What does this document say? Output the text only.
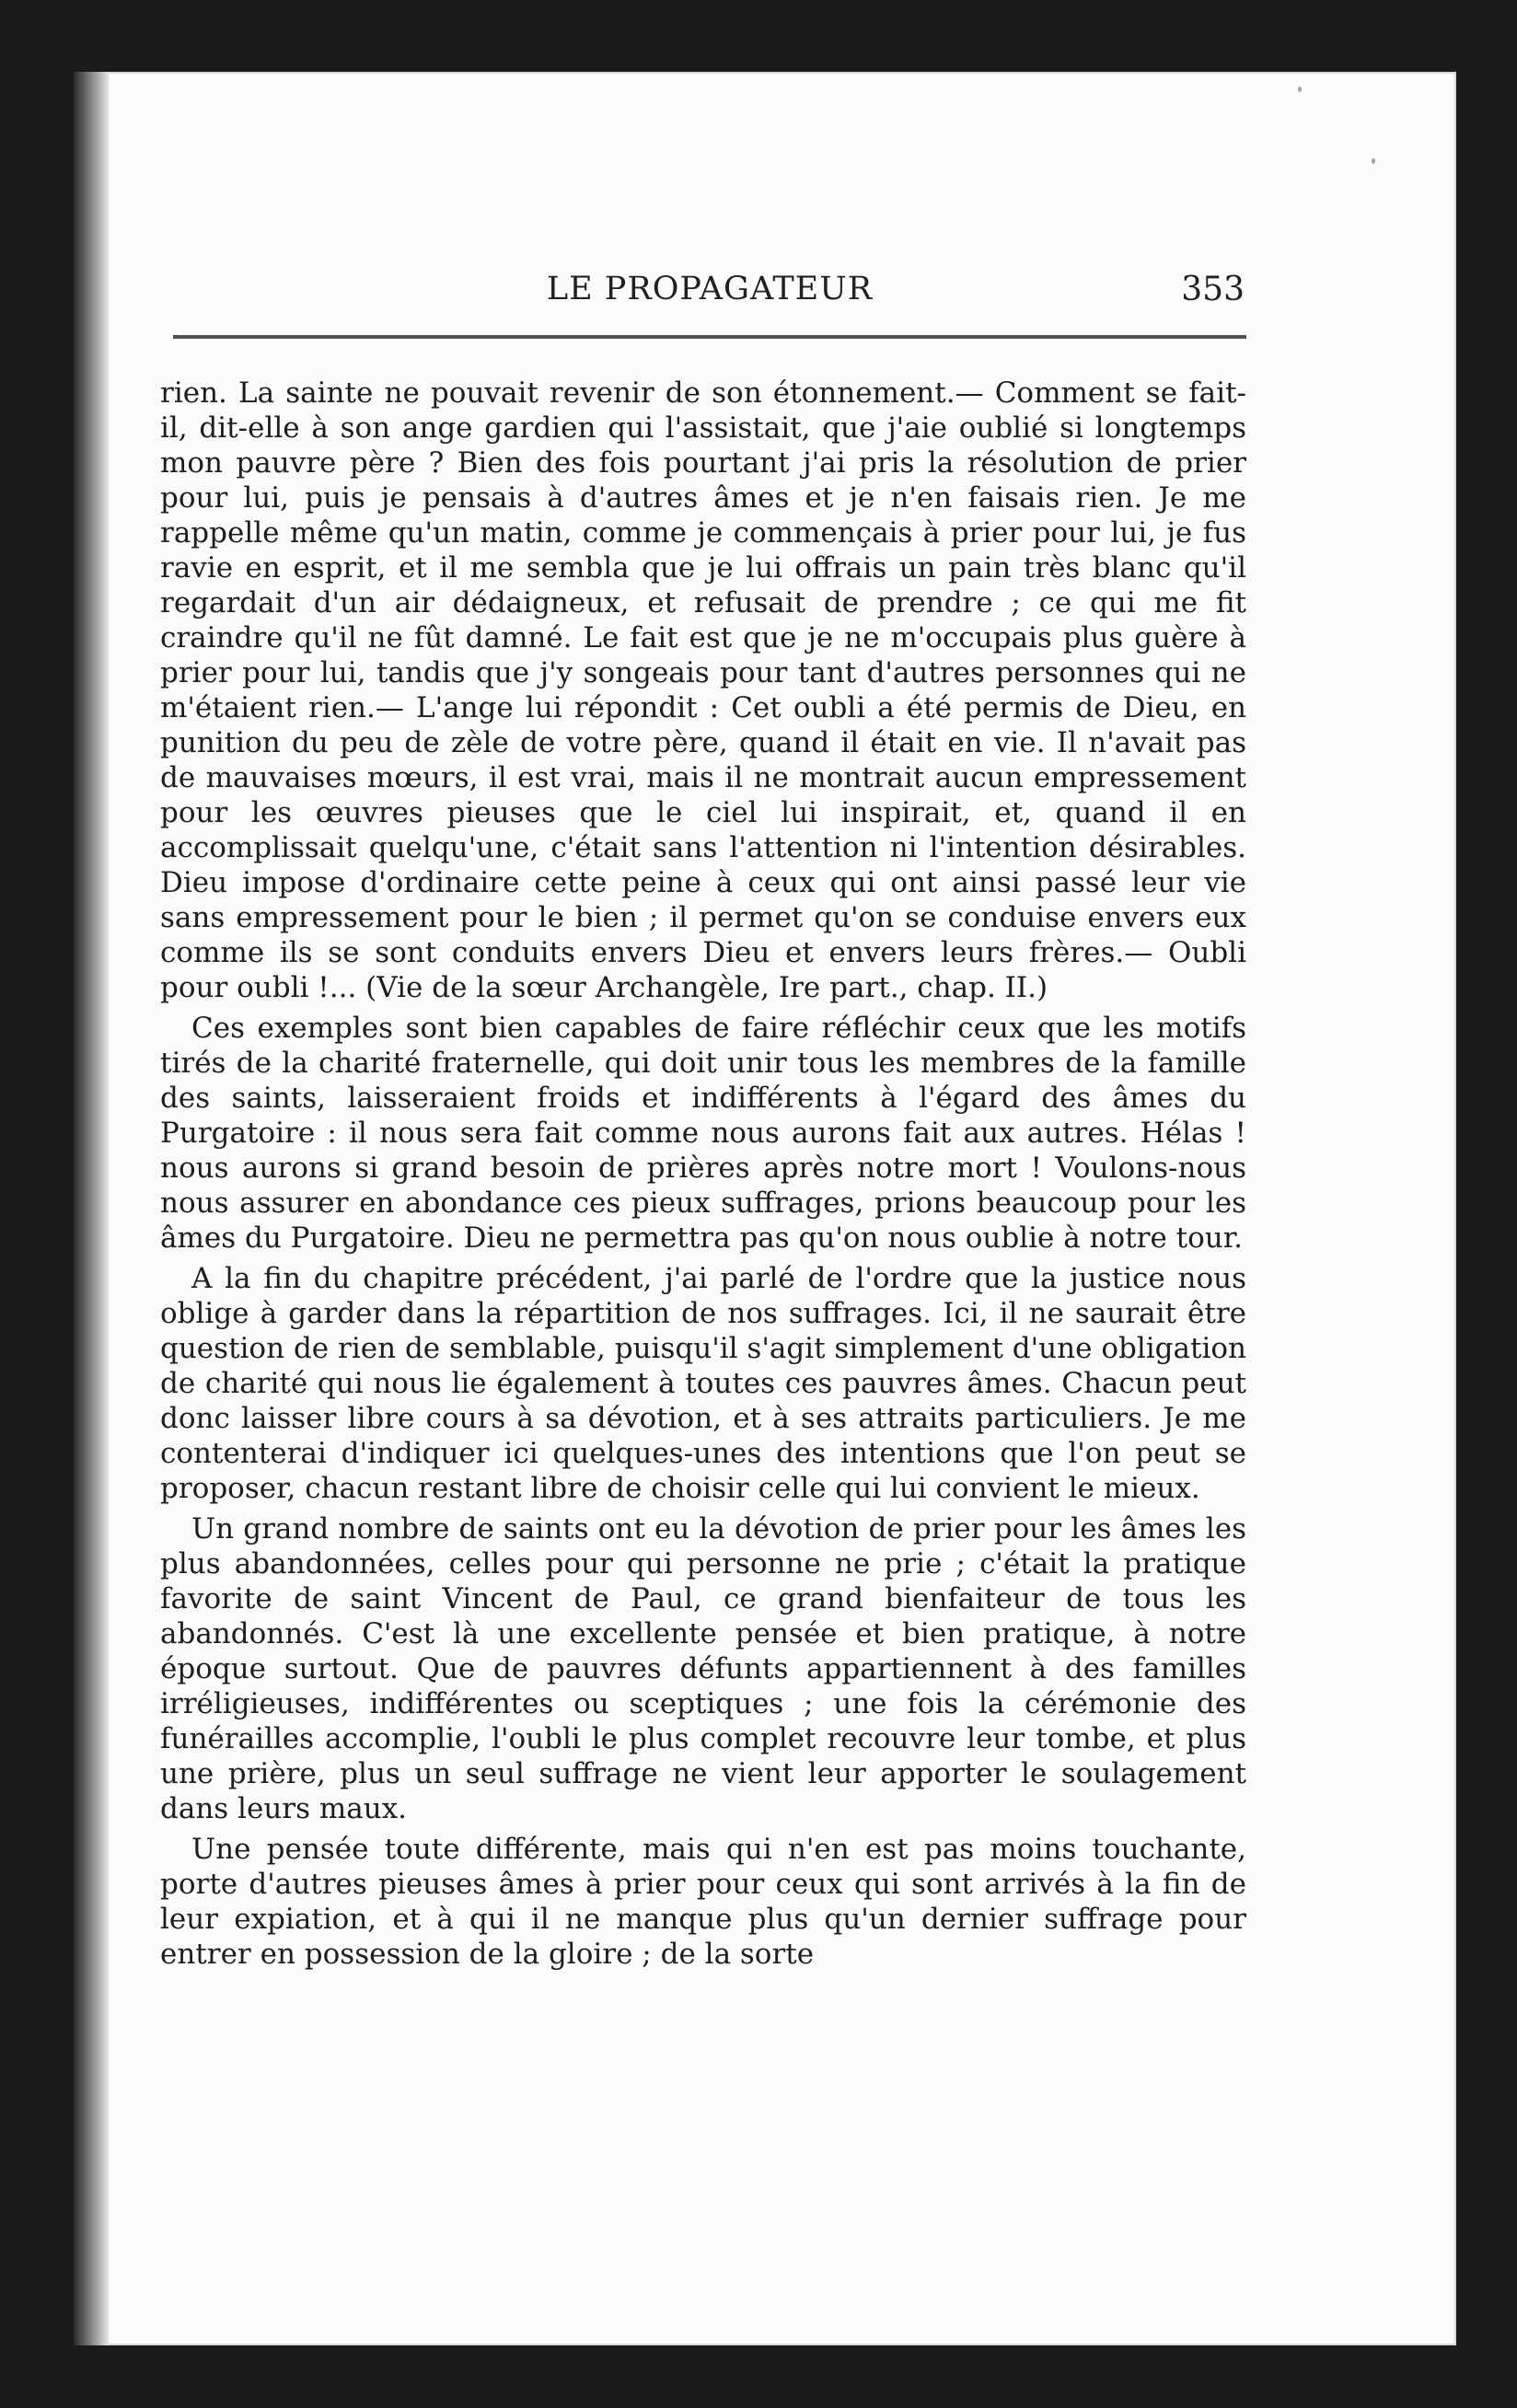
LE PROPAGATEUR	353

rien. La sainte ne pouvait revenir de son étonnement.— Comment se fait-il, dit-elle à son ange gardien qui l'assistait, que j'aie oublié si longtemps mon pauvre père ? Bien des fois pourtant j'ai pris la résolution de prier pour lui, puis je pensais à d'autres âmes et je n'en faisais rien. Je me rappelle même qu'un matin, comme je commençais à prier pour lui, je fus ravie en esprit, et il me sembla que je lui offrais un pain très blanc qu'il regardait d'un air dédaigneux, et refusait de prendre ; ce qui me fit craindre qu'il ne fût damné. Le fait est que je ne m'occupais plus guère à prier pour lui, tandis que j'y songeais pour tant d'autres personnes qui ne m'étaient rien.— L'ange lui répondit : Cet oubli a été permis de Dieu, en punition du peu de zèle de votre père, quand il était en vie. Il n'avait pas de mauvaises mœurs, il est vrai, mais il ne montrait aucun empressement pour les œuvres pieuses que le ciel lui inspirait, et, quand il en accomplissait quelqu'une, c'était sans l'attention ni l'intention désirables. Dieu impose d'ordinaire cette peine à ceux qui ont ainsi passé leur vie sans empressement pour le bien ; il permet qu'on se conduise envers eux comme ils se sont conduits envers Dieu et envers leurs frères.— Oubli pour oubli !... (Vie de la sœur Archangèle, Ire part., chap. II.)

Ces exemples sont bien capables de faire réfléchir ceux que les motifs tirés de la charité fraternelle, qui doit unir tous les membres de la famille des saints, laisseraient froids et indifférents à l'égard des âmes du Purgatoire : il nous sera fait comme nous aurons fait aux autres. Hélas ! nous aurons si grand besoin de prières après notre mort ! Voulons-nous nous assurer en abondance ces pieux suffrages, prions beaucoup pour les âmes du Purgatoire. Dieu ne permettra pas qu'on nous oublie à notre tour.

A la fin du chapitre précédent, j'ai parlé de l'ordre que la justice nous oblige à garder dans la répartition de nos suffrages. Ici, il ne saurait être question de rien de semblable, puisqu'il s'agit simplement d'une obligation de charité qui nous lie également à toutes ces pauvres âmes. Chacun peut donc laisser libre cours à sa dévotion, et à ses attraits particuliers. Je me contenterai d'indiquer ici quelques-unes des intentions que l'on peut se proposer, chacun restant libre de choisir celle qui lui convient le mieux.

Un grand nombre de saints ont eu la dévotion de prier pour les âmes les plus abandonnées, celles pour qui personne ne prie ; c'était la pratique favorite de saint Vincent de Paul, ce grand bienfaiteur de tous les abandonnés. C'est là une excellente pensée et bien pratique, à notre époque surtout. Que de pauvres défunts appartiennent à des familles irréligieuses, indifférentes ou sceptiques ; une fois la cérémonie des funérailles accomplie, l'oubli le plus complet recouvre leur tombe, et plus une prière, plus un seul suffrage ne vient leur apporter le soulagement dans leurs maux.

Une pensée toute différente, mais qui n'en est pas moins touchante, porte d'autres pieuses âmes à prier pour ceux qui sont arrivés à la fin de leur expiation, et à qui il ne manque plus qu'un dernier suffrage pour entrer en possession de la gloire ; de la sorte
